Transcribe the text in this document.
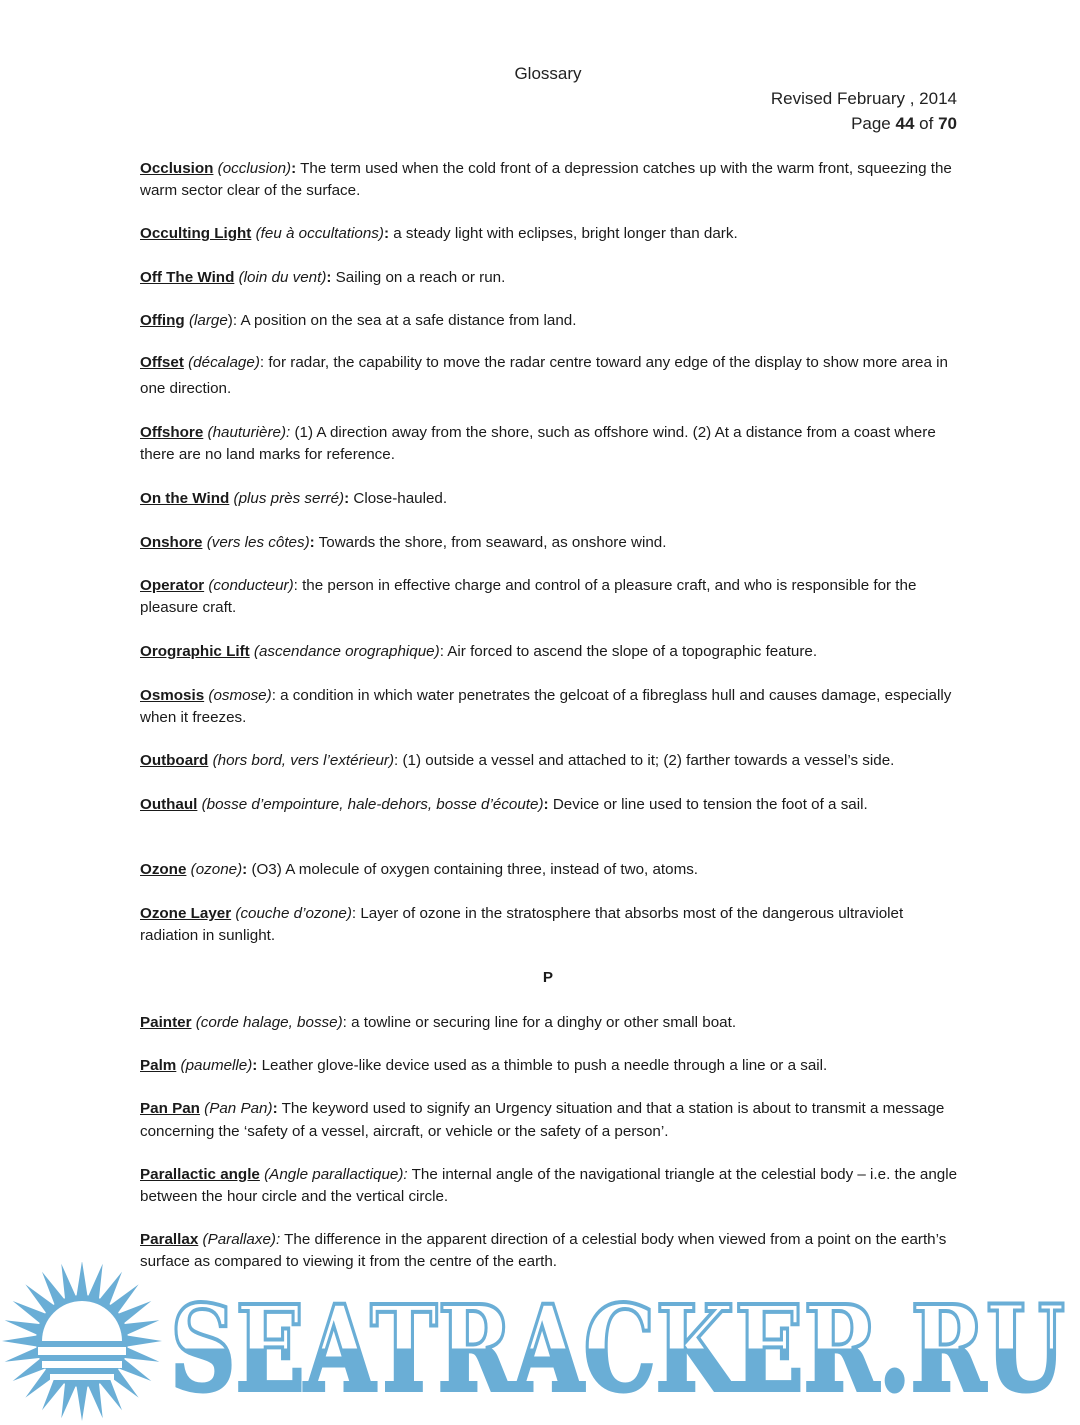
Glossary
Revised February , 2014
Page 44 of 70
Occlusion (occlusion): The term used when the cold front of a depression catches up with the warm front, squeezing the warm sector clear of the surface.
Occulting Light (feu à occultations): a steady light with eclipses, bright longer than dark.
Off The Wind (loin du vent): Sailing on a reach or run.
Offing (large): A position on the sea at a safe distance from land.
Offset (décalage): for radar, the capability to move the radar centre toward any edge of the display to show more area in one direction.
Offshore (hauturière): (1) A direction away from the shore, such as offshore wind. (2) At a distance from a coast where there are no land marks for reference.
On the Wind (plus près serré): Close-hauled.
Onshore (vers les côtes): Towards the shore, from seaward, as onshore wind.
Operator (conducteur): the person in effective charge and control of a pleasure craft, and who is responsible for the pleasure craft.
Orographic Lift (ascendance orographique): Air forced to ascend the slope of a topographic feature.
Osmosis (osmose): a condition in which water penetrates the gelcoat of a fibreglass hull and causes damage, especially when it freezes.
Outboard (hors bord, vers l’extérieur): (1) outside a vessel and attached to it; (2) farther towards a vessel’s side.
Outhaul (bosse d’empointure, hale-dehors, bosse d’écoute): Device or line used to tension the foot of a sail.
Ozone (ozone): (O3) A molecule of oxygen containing three, instead of two, atoms.
Ozone Layer (couche d’ozone): Layer of ozone in the stratosphere that absorbs most of the dangerous ultraviolet radiation in sunlight.
P
Painter (corde halage, bosse): a towline or securing line for a dinghy or other small boat.
Palm (paumelle): Leather glove-like device used as a thimble to push a needle through a line or a sail.
Pan Pan (Pan Pan): The keyword used to signify an Urgency situation and that a station is about to transmit a message concerning the ‘safety of a vessel, aircraft, or vehicle or the safety of a person’.
Parallactic angle (Angle parallactique): The internal angle of the navigational triangle at the celestial body – i.e. the angle between the hour circle and the vertical circle.
Parallax (Parallaxe): The difference in the apparent direction of a celestial body when viewed from a point on the earth’s surface as compared to viewing it from the centre of the earth.
SEATRACKER.RU
